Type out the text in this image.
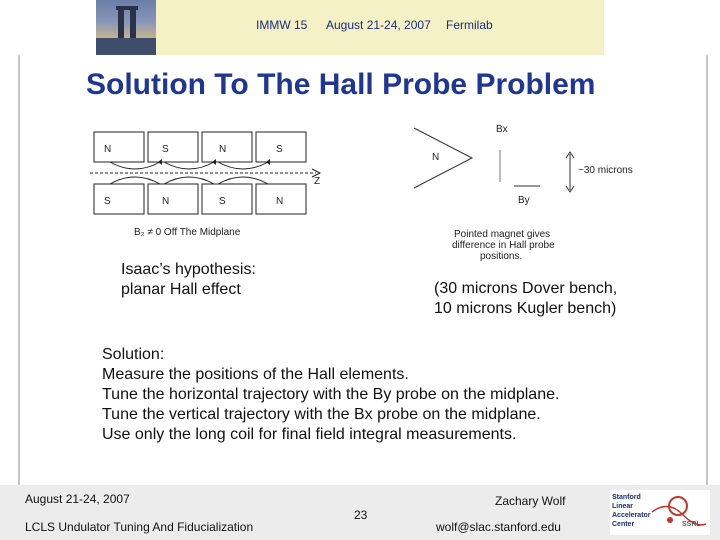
IMMW 15 August 21-24, 2007 Fermilab
Solution To The Hall Probe Problem
N	S	N	S
S	N	S	N
Z
B₂ ≠ 0 Off The Midplane
N
Bx
By
~30 microns
Pointed magnet gives
difference in Hall probe
positions.
Isaac’s hypothesis:
planar Hall effect	(30 microns Dover bench,
10 microns Kugler bench)
Solution:
Measure the positions of the Hall elements.
Tune the horizontal trajectory with the By probe on the midplane.
Tune the vertical trajectory with the Bx probe on the midplane.
Use only the long coil for final field integral measurements.
August 21-24, 2007
LCLS Undulator Tuning And Fiducialization
23
Zachary Wolf
wolf@slac.stanford.edu
Stanford
Linear
Accelerator
Center	SSRL
